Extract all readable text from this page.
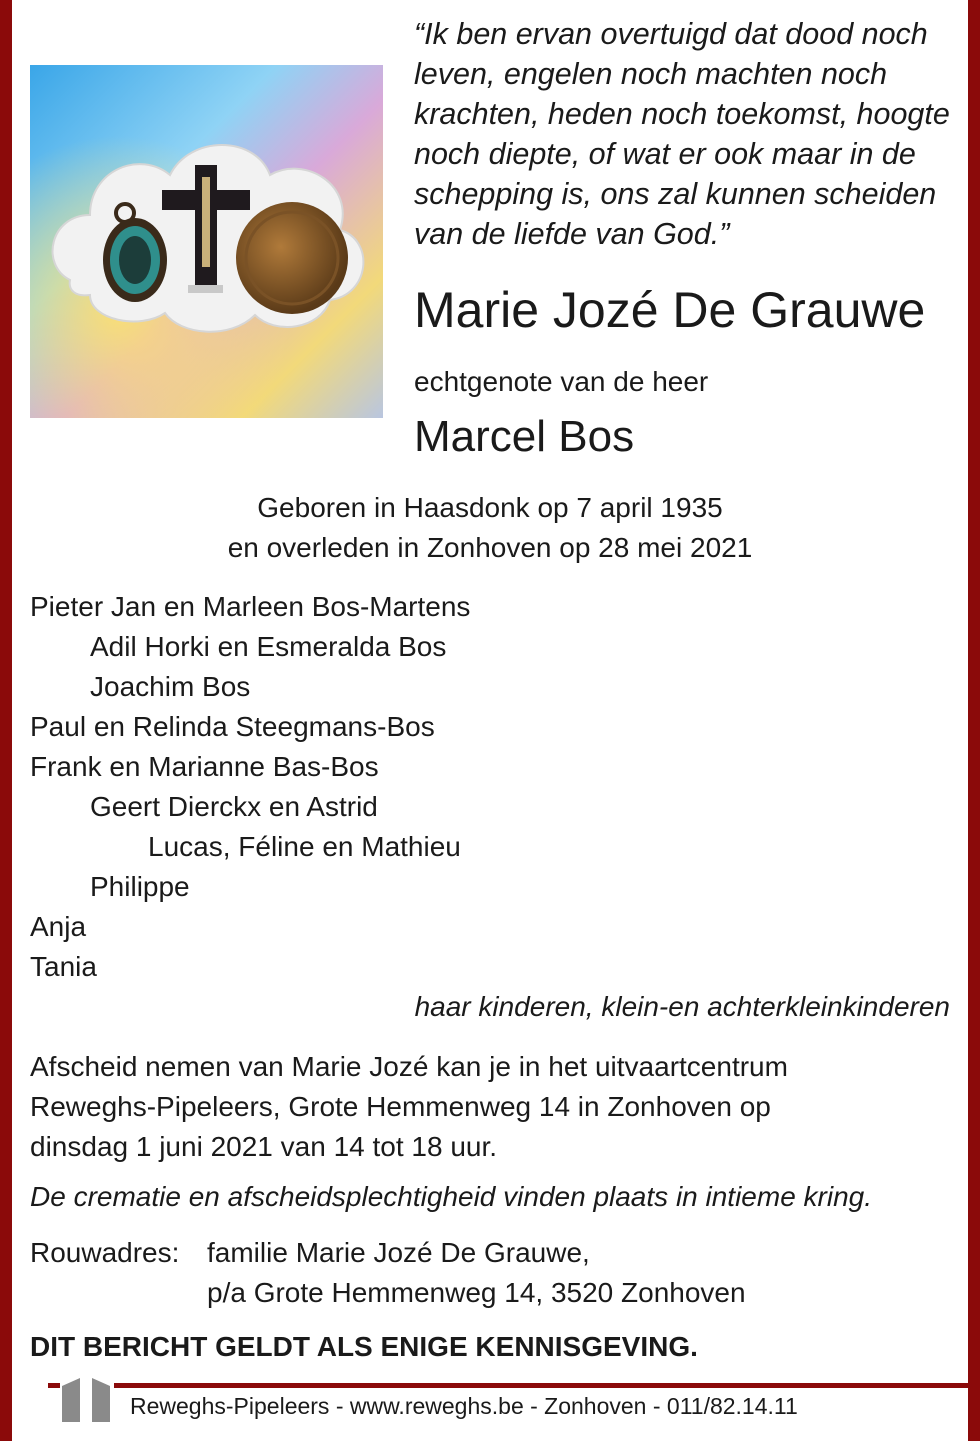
“Ik ben ervan overtuigd dat dood noch leven, engelen noch machten noch krachten, heden noch toekomst, hoogte noch diepte, of wat er ook maar in de schepping is, ons zal kunnen scheiden van de liefde van God.”
Marie Jozé De Grauwe
echtgenote van de heer
Marcel Bos
Geboren in Haasdonk op 7 april 1935
en overleden in Zonhoven op 28 mei 2021
Pieter Jan en Marleen Bos-Martens
Adil Horki en Esmeralda Bos
Joachim Bos
Paul en Relinda Steegmans-Bos
Frank en Marianne Bas-Bos
Geert Dierckx en Astrid
Lucas, Féline en Mathieu
Philippe
Anja
Tania
haar kinderen, klein-en achterkleinkinderen
Afscheid nemen van Marie Jozé kan je in het uitvaartcentrum
Reweghs-Pipeleers, Grote Hemmenweg 14 in Zonhoven op
dinsdag 1 juni 2021 van 14 tot 18 uur.
De crematie en afscheidsplechtigheid vinden plaats in intieme kring.
Rouwadres: familie Marie Jozé De Grauwe,
p/a Grote Hemmenweg 14, 3520 Zonhoven
DIT BERICHT GELDT ALS ENIGE KENNISGEVING.
Reweghs-Pipeleers - www.reweghs.be - Zonhoven - 011/82.14.11
